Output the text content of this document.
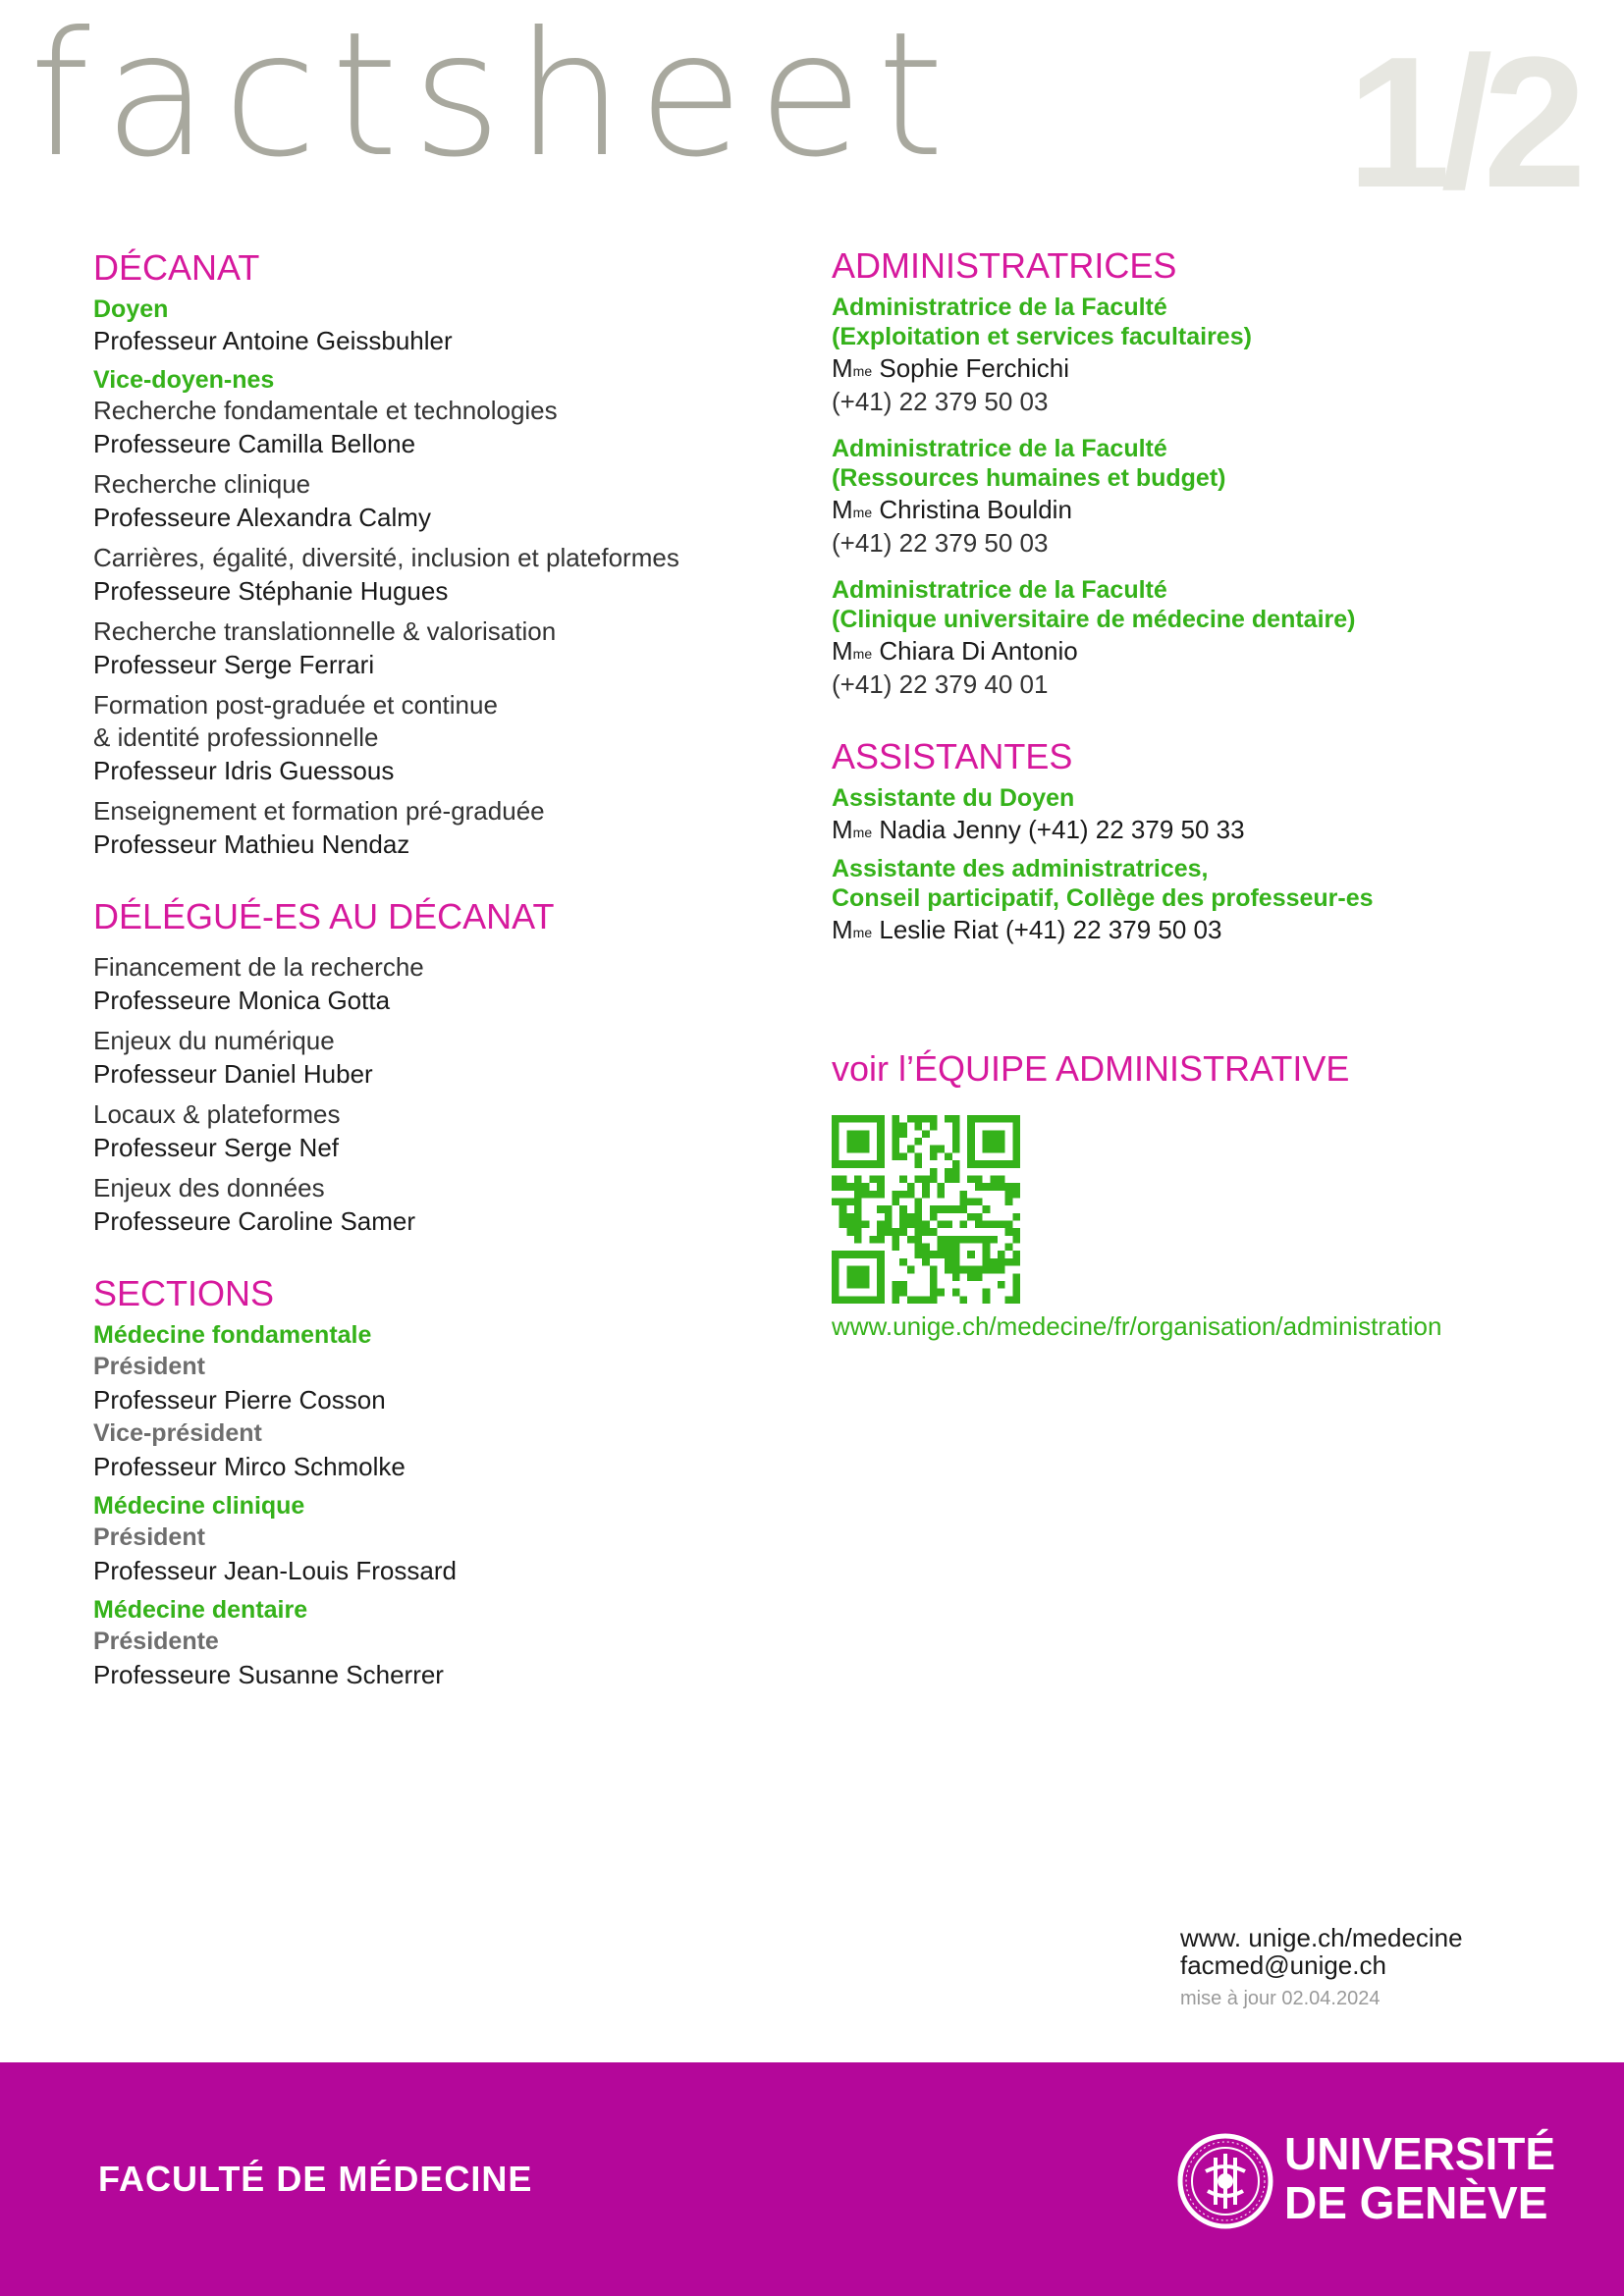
factsheet 1/2
DÉCANAT
Doyen
Professeur Antoine Geissbuhler
Vice-doyen-nes
Recherche fondamentale et technologies
Professeure Camilla Bellone
Recherche clinique
Professeure Alexandra Calmy
Carrières, égalité, diversité, inclusion et plateformes
Professeure Stéphanie Hugues
Recherche translationnelle & valorisation
Professeur Serge Ferrari
Formation post-graduée et continue
& identité professionnelle
Professeur Idris Guessous
Enseignement et formation pré-graduée
Professeur Mathieu Nendaz
DÉLÉGUÉ-ES AU DÉCANAT
Financement de la recherche
Professeure Monica Gotta
Enjeux du numérique
Professeur Daniel Huber
Locaux & plateformes
Professeur Serge Nef
Enjeux des données
Professeure Caroline Samer
SECTIONS
Médecine fondamentale
Président
Professeur Pierre Cosson
Vice-président
Professeur Mirco Schmolke
Médecine clinique
Président
Professeur Jean-Louis Frossard
Médecine dentaire
Présidente
Professeure Susanne Scherrer
ADMINISTRATRICES
Administratrice de la Faculté
(Exploitation et services facultaires)
$M^{me}$ Sophie Ferchichi
(+41) 22 379 50 03
Administratrice de la Faculté
(Ressources humaines et budget)
$M^{me}$ Christina Bouldin
(+41) 22 379 50 03
Administratrice de la Faculté
(Clinique universitaire de médecine dentaire)
$M^{me}$ Chiara Di Antonio
(+41) 22 379 40 01
ASSISTANTES
Assistante du Doyen
$M^{me}$ Nadia Jenny (+41) 22 379 50 33
Assistante des administratrices,
Conseil participatif, Collège des professeur-es
$M^{me}$ Leslie Riat (+41) 22 379 50 03
voir l’ÉQUIPE ADMINISTRATIVE
www.unige.ch/medecine/fr/organisation/administration
www. unige.ch/medecine
facmed@unige.ch
mise à jour 02.04.2024
FACULTÉ DE MÉDECINE	UNIVERSITÉ
DE GENÈVE
